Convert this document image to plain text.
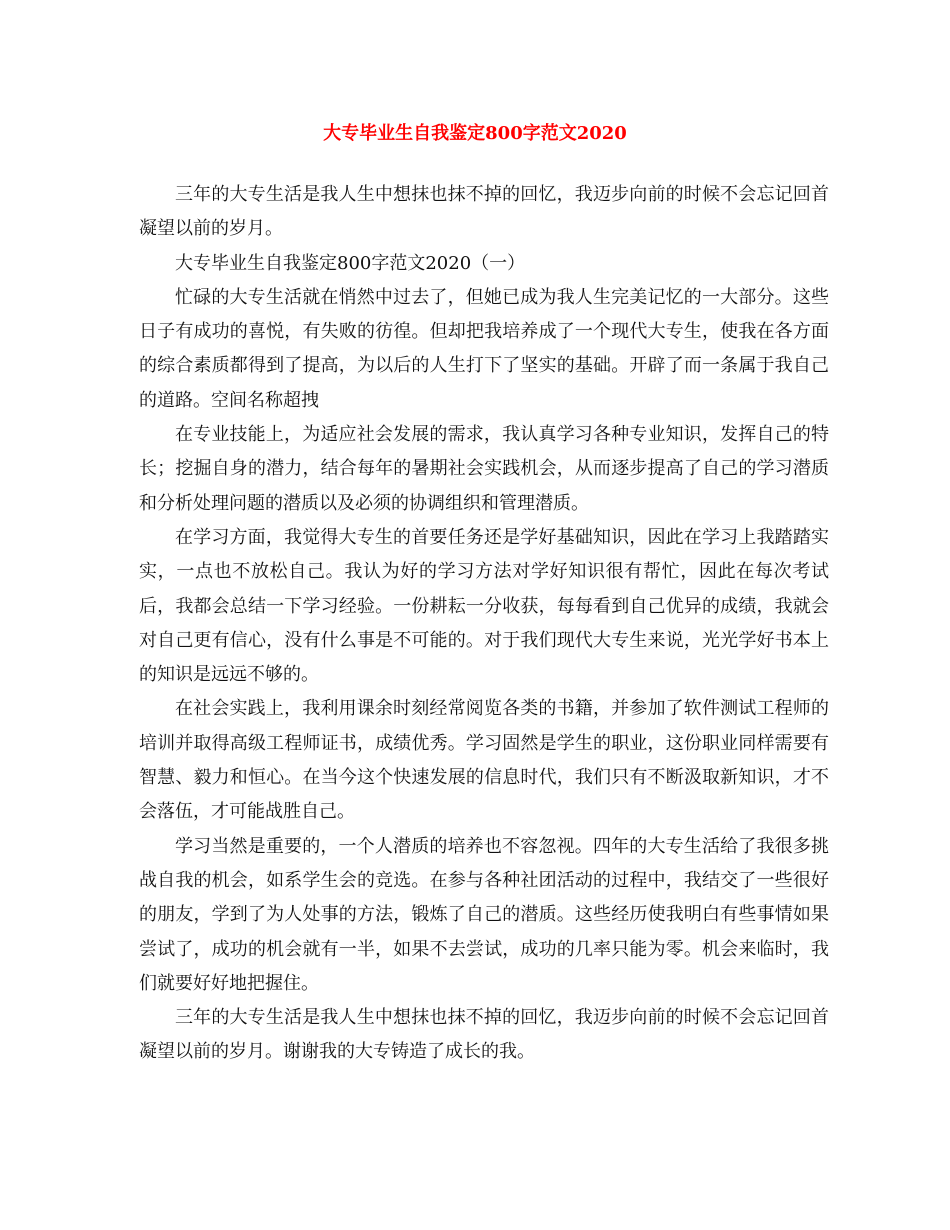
大专毕业生自我鉴定800字范文2020

三年的大专生活是我人生中想抹也抹不掉的回忆，我迈步向前的时候不会忘记回首凝望以前的岁月。

大专毕业生自我鉴定800字范文2020（一）

忙碌的大专生活就在悄然中过去了，但她已成为我人生完美记忆的一大部分。这些日子有成功的喜悦，有失败的彷徨。但却把我培养成了一个现代大专生，使我在各方面的综合素质都得到了提高，为以后的人生打下了坚实的基础。开辟了而一条属于我自己的道路。空间名称超拽

在专业技能上，为适应社会发展的需求，我认真学习各种专业知识，发挥自己的特长；挖掘自身的潜力，结合每年的暑期社会实践机会，从而逐步提高了自己的学习潜质和分析处理问题的潜质以及必须的协调组织和管理潜质。

在学习方面，我觉得大专生的首要任务还是学好基础知识，因此在学习上我踏踏实实，一点也不放松自己。我认为好的学习方法对学好知识很有帮忙，因此在每次考试后，我都会总结一下学习经验。一份耕耘一分收获，每每看到自己优异的成绩，我就会对自己更有信心，没有什么事是不可能的。对于我们现代大专生来说，光光学好书本上的知识是远远不够的。

在社会实践上，我利用课余时刻经常阅览各类的书籍，并参加了软件测试工程师的培训并取得高级工程师证书，成绩优秀。学习固然是学生的职业，这份职业同样需要有智慧、毅力和恒心。在当今这个快速发展的信息时代，我们只有不断汲取新知识，才不会落伍，才可能战胜自己。

学习当然是重要的，一个人潜质的培养也不容忽视。四年的大专生活给了我很多挑战自我的机会，如系学生会的竞选。在参与各种社团活动的过程中，我结交了一些很好的朋友，学到了为人处事的方法，锻炼了自己的潜质。这些经历使我明白有些事情如果尝试了，成功的机会就有一半，如果不去尝试，成功的几率只能为零。机会来临时，我们就要好好地把握住。

三年的大专生活是我人生中想抹也抹不掉的回忆，我迈步向前的时候不会忘记回首凝望以前的岁月。谢谢我的大专铸造了成长的我。
